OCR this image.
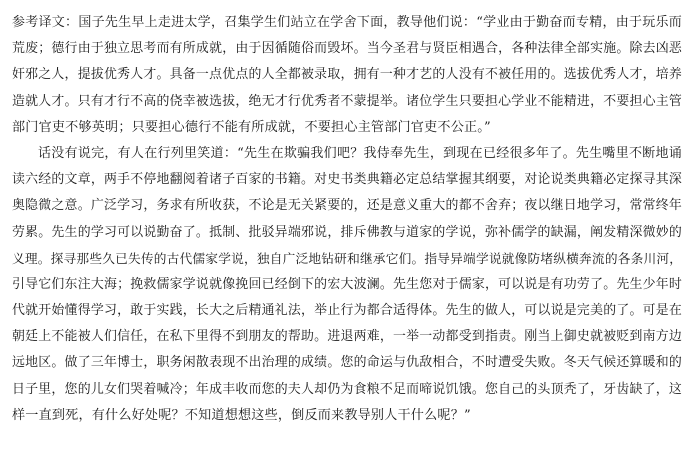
参考译文：国子先生早上走进太学，召集学生们站立在学舍下面，教导他们说：“学业由于勤奋而专精，由于玩乐而
荒废；德行由于独立思考而有所成就，由于因循随俗而毁坏。当今圣君与贤臣相遇合，各种法律全部实施。除去凶恶
奸邪之人，提拔优秀人才。具备一点优点的人全都被录取，拥有一种才艺的人没有不被任用的。选拔优秀人才，培养
造就人才。只有才行不高的侥幸被选拔，绝无才行优秀者不蒙提举。诸位学生只要担心学业不能精进，不要担心主管
部门官吏不够英明；只要担心德行不能有所成就，不要担心主管部门官吏不公正。”
话没有说完，有人在行列里笑道：“先生在欺骗我们吧？我侍奉先生，到现在已经很多年了。先生嘴里不断地诵
读六经的文章，两手不停地翻阅着诸子百家的书籍。对史书类典籍必定总结掌握其纲要，对论说类典籍必定探寻其深
奥隐微之意。广泛学习，务求有所收获，不论是无关紧要的，还是意义重大的都不舍弃；夜以继日地学习，常常终年
劳累。先生的学习可以说勤奋了。抵制、批驳异端邪说，排斥佛教与道家的学说，弥补儒学的缺漏，阐发精深微妙的
义理。探寻那些久已失传的古代儒家学说，独自广泛地钻研和继承它们。指导异端学说就像防堵纵横奔流的各条川河，
引导它们东注大海；挽救儒家学说就像挽回已经倒下的宏大波澜。先生您对于儒家，可以说是有功劳了。先生少年时
代就开始懂得学习，敢于实践，长大之后精通礼法，举止行为都合适得体。先生的做人，可以说是完美的了。可是在
朝廷上不能被人们信任，在私下里得不到朋友的帮助。进退两难，一举一动都受到指责。刚当上御史就被贬到南方边
远地区。做了三年博士，职务闲散表现不出治理的成绩。您的命运与仇敌相合，不时遭受失败。冬天气候还算暖和的
日子里，您的儿女们哭着喊冷；年成丰收而您的夫人却仍为食粮不足而啼说饥饿。您自己的头顶秃了，牙齿缺了，这
样一直到死，有什么好处呢？不知道想想这些，倒反而来教导别人干什么呢？”
